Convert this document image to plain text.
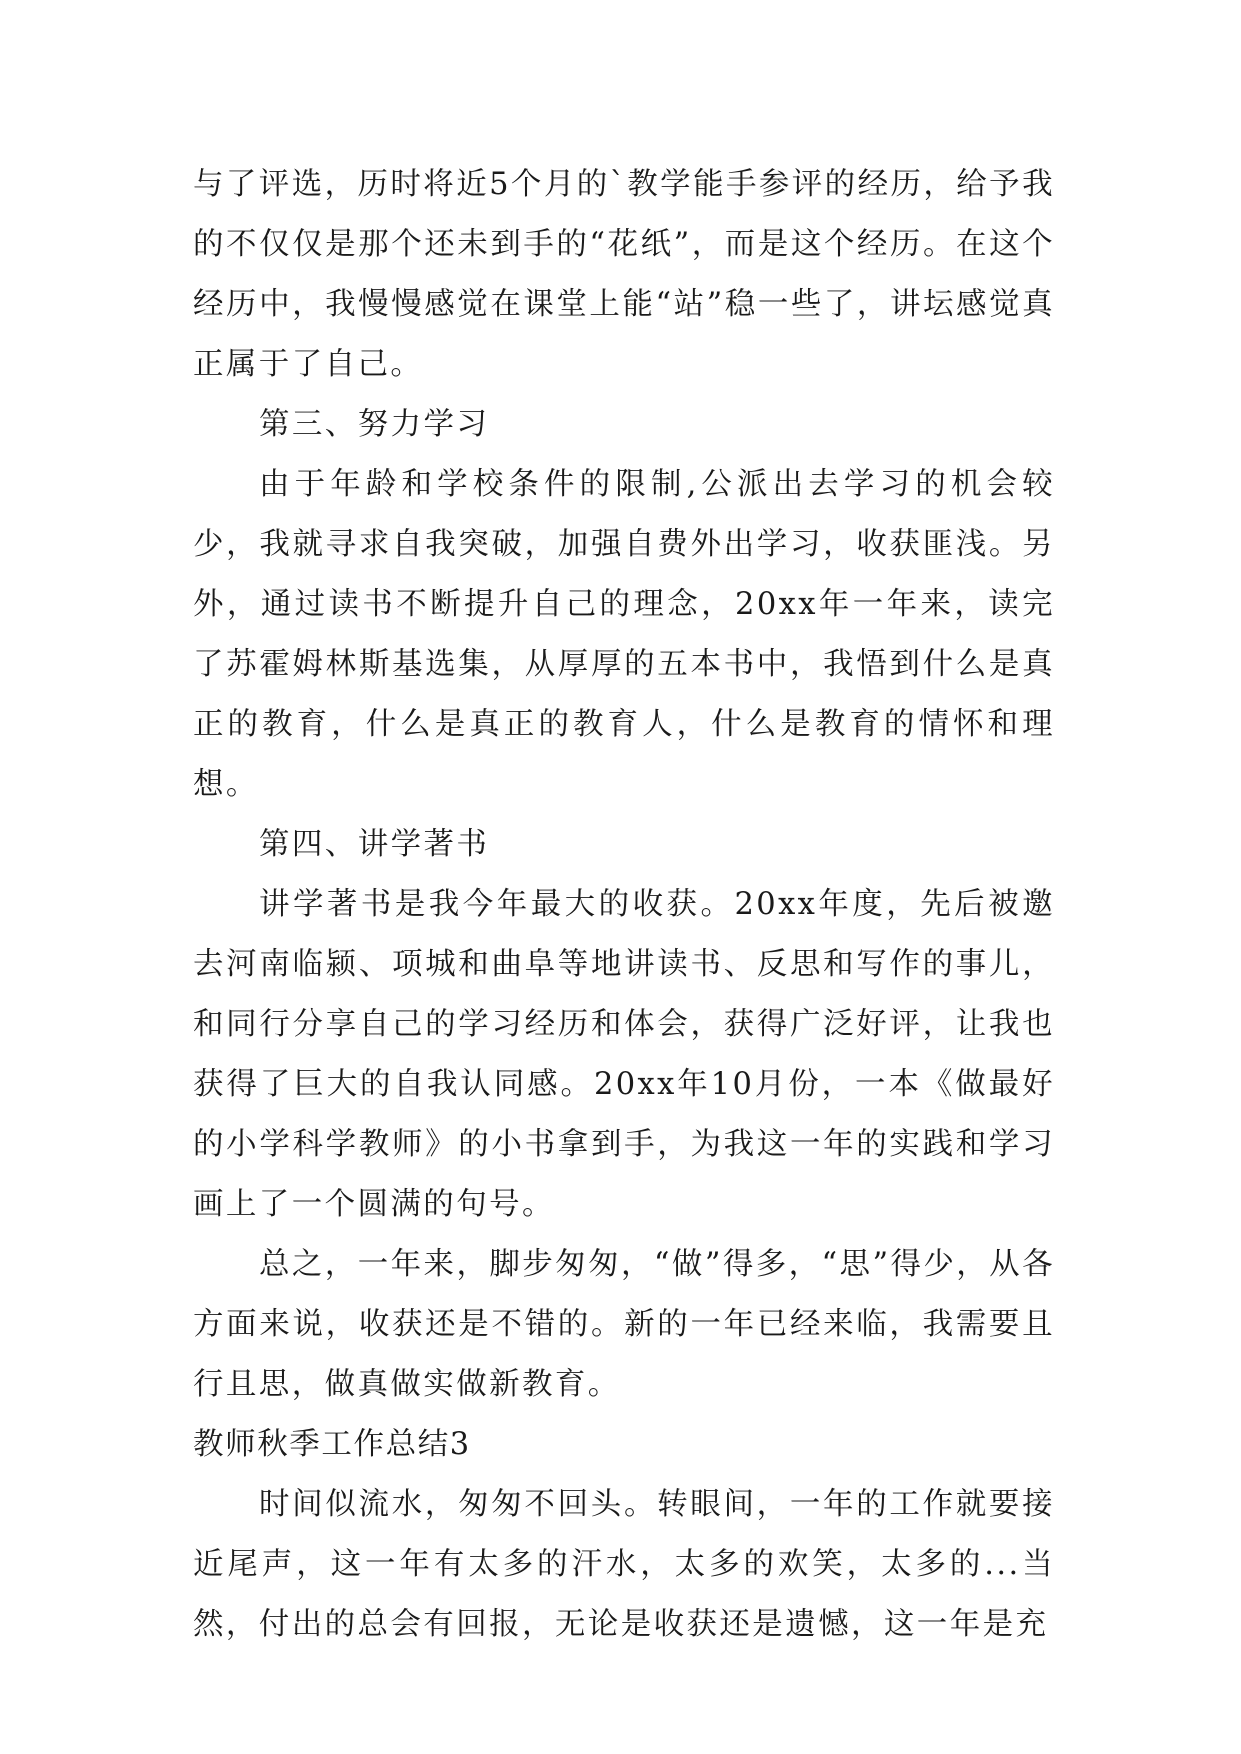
与了评选，历时将近5个月的`教学能手参评的经历，给予我的不仅仅是那个还未到手的“花纸”，而是这个经历。在这个经历中，我慢慢感觉在课堂上能“站”稳一些了，讲坛感觉真正属于了自己。

第三、努力学习

由于年龄和学校条件的限制,公派出去学习的机会较少，我就寻求自我突破，加强自费外出学习，收获匪浅。另外，通过读书不断提升自己的理念，20xx年一年来，读完了苏霍姆林斯基选集，从厚厚的五本书中，我悟到什么是真正的教育，什么是真正的教育人，什么是教育的情怀和理想。

第四、讲学著书

讲学著书是我今年最大的收获。20xx年度，先后被邀去河南临颍、项城和曲阜等地讲读书、反思和写作的事儿，和同行分享自己的学习经历和体会，获得广泛好评，让我也获得了巨大的自我认同感。20xx年10月份，一本《做最好的小学科学教师》的小书拿到手，为我这一年的实践和学习画上了一个圆满的句号。

总之，一年来，脚步匆匆，“做”得多，“思”得少，从各方面来说，收获还是不错的。新的一年已经来临，我需要且行且思，做真做实做新教育。

教师秋季工作总结3

时间似流水，匆匆不回头。转眼间，一年的工作就要接近尾声，这一年有太多的汗水，太多的欢笑，太多的...当然，付出的总会有回报，无论是收获还是遗憾，这一年是充
